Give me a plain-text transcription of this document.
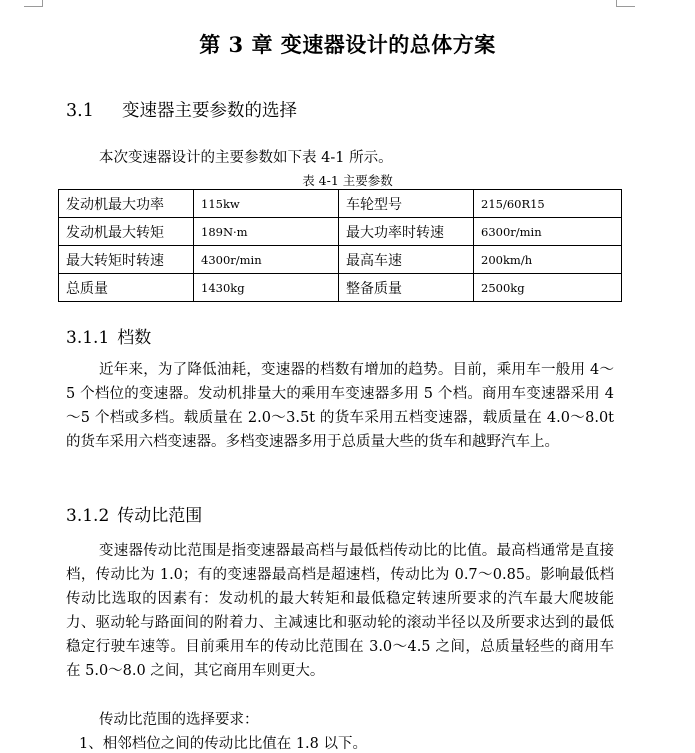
第 3 章 变速器设计的总体方案
3.1 变速器主要参数的选择

本次变速器设计的主要参数如下表 4-1 所示。

表 4-1 主要参数
发动机最大功率	115kw	车轮型号	215/60R15
发动机最大转矩	189N·m	最大功率时转速	6300r/min
最大转矩时转速	4300r/min	最高车速	200km/h
总质量	1430kg	整备质量	2500kg
3.1.1 档数

近年来，为了降低油耗，变速器的档数有增加的趋势。目前，乘用车一般用 4～5 个档位的变速器。发动机排量大的乘用车变速器多用 5 个档。商用车变速器采用 4～5 个档或多档。载质量在 2.0～3.5t 的货车采用五档变速器，载质量在 4.0～8.0t 的货车采用六档变速器。多档变速器多用于总质量大些的货车和越野汽车上。

3.1.2 传动比范围

变速器传动比范围是指变速器最高档与最低档传动比的比值。最高档通常是直接档，传动比为 1.0；有的变速器最高档是超速档，传动比为 0.7～0.85。影响最低档传动比选取的因素有：发动机的最大转矩和最低稳定转速所要求的汽车最大爬坡能力、驱动轮与路面间的附着力、主减速比和驱动轮的滚动半径以及所要求达到的最低稳定行驶车速等。目前乘用车的传动比范围在 3.0～4.5 之间，总质量轻些的商用车在 5.0～8.0 之间，其它商用车则更大。

传动比范围的选择要求：

1、相邻档位之间的传动比比值在 1.8 以下。
